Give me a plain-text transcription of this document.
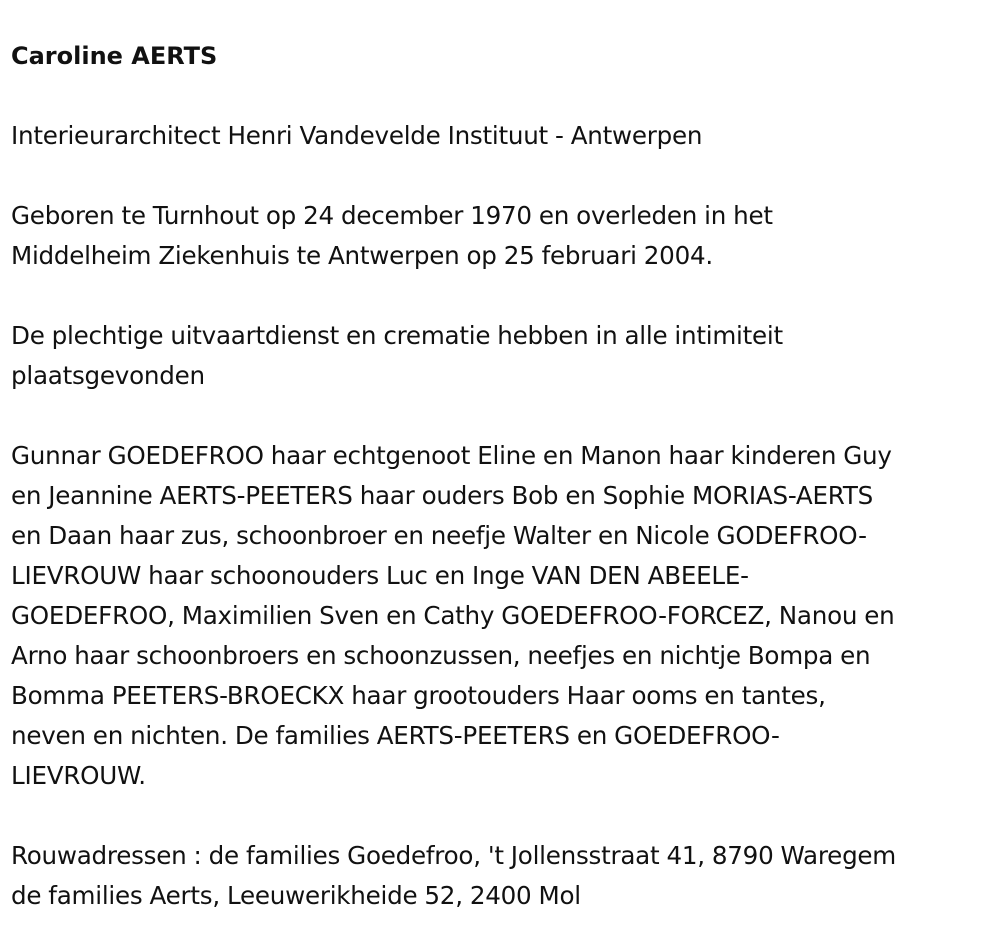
Caroline AERTS

Interieurarchitect Henri Vandevelde Instituut - Antwerpen

Geboren te Turnhout op 24 december 1970 en overleden in het
Middelheim Ziekenhuis te Antwerpen op 25 februari 2004.

De plechtige uitvaartdienst en crematie hebben in alle intimiteit
plaatsgevonden

Gunnar GOEDEFROO haar echtgenoot Eline en Manon haar kinderen Guy
en Jeannine AERTS-PEETERS haar ouders Bob en Sophie MORIAS-AERTS
en Daan haar zus, schoonbroer en neefje Walter en Nicole GODEFROO-
LIEVROUW haar schoonouders Luc en Inge VAN DEN ABEELE-
GOEDEFROO, Maximilien Sven en Cathy GOEDEFROO-FORCEZ, Nanou en
Arno haar schoonbroers en schoonzussen, neefjes en nichtje Bompa en
Bomma PEETERS-BROECKX haar grootouders Haar ooms en tantes,
neven en nichten. De families AERTS-PEETERS en GOEDEFROO-
LIEVROUW.

Rouwadressen : de families Goedefroo, 't Jollensstraat 41, 8790 Waregem
de families Aerts, Leeuwerikheide 52, 2400 Mol
